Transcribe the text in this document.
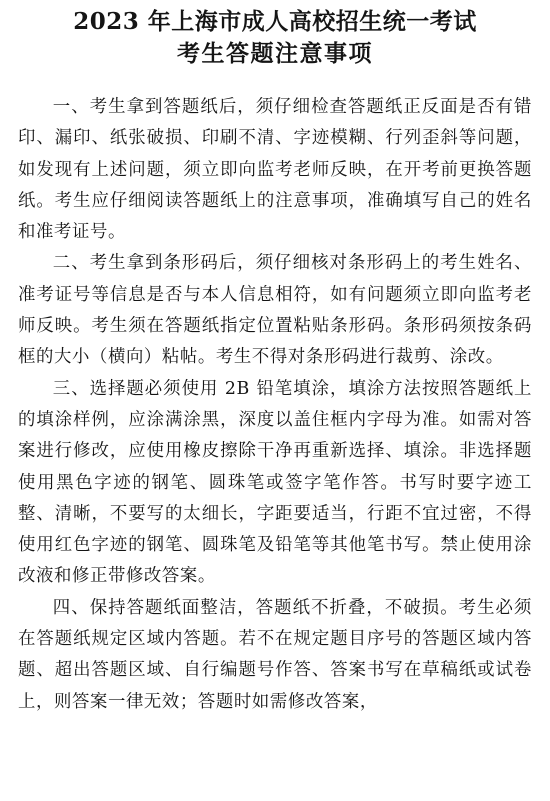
2023 年上海市成人高校招生统一考试
考生答题注意事项

一、考生拿到答题纸后，须仔细检查答题纸正反面是否有错印、漏印、纸张破损、印刷不清、字迹模糊、行列歪斜等问题，如发现有上述问题，须立即向监考老师反映，在开考前更换答题纸。考生应仔细阅读答题纸上的注意事项，准确填写自己的姓名和准考证号。

二、考生拿到条形码后，须仔细核对条形码上的考生姓名、准考证号等信息是否与本人信息相符，如有问题须立即向监考老师反映。考生须在答题纸指定位置粘贴条形码。条形码须按条码框的大小（横向）粘帖。考生不得对条形码进行裁剪、涂改。

三、选择题必须使用 2B 铅笔填涂，填涂方法按照答题纸上的填涂样例，应涂满涂黑，深度以盖住框内字母为准。如需对答案进行修改，应使用橡皮擦除干净再重新选择、填涂。非选择题使用黑色字迹的钢笔、圆珠笔或签字笔作答。书写时要字迹工整、清晰，不要写的太细长，字距要适当，行距不宜过密，不得使用红色字迹的钢笔、圆珠笔及铅笔等其他笔书写。禁止使用涂改液和修正带修改答案。

四、保持答题纸面整洁，答题纸不折叠，不破损。考生必须在答题纸规定区域内答题。若不在规定题目序号的答题区域内答题、超出答题区域、自行编题号作答、答案书写在草稿纸或试卷上，则答案一律无效；答题时如需修改答案，
